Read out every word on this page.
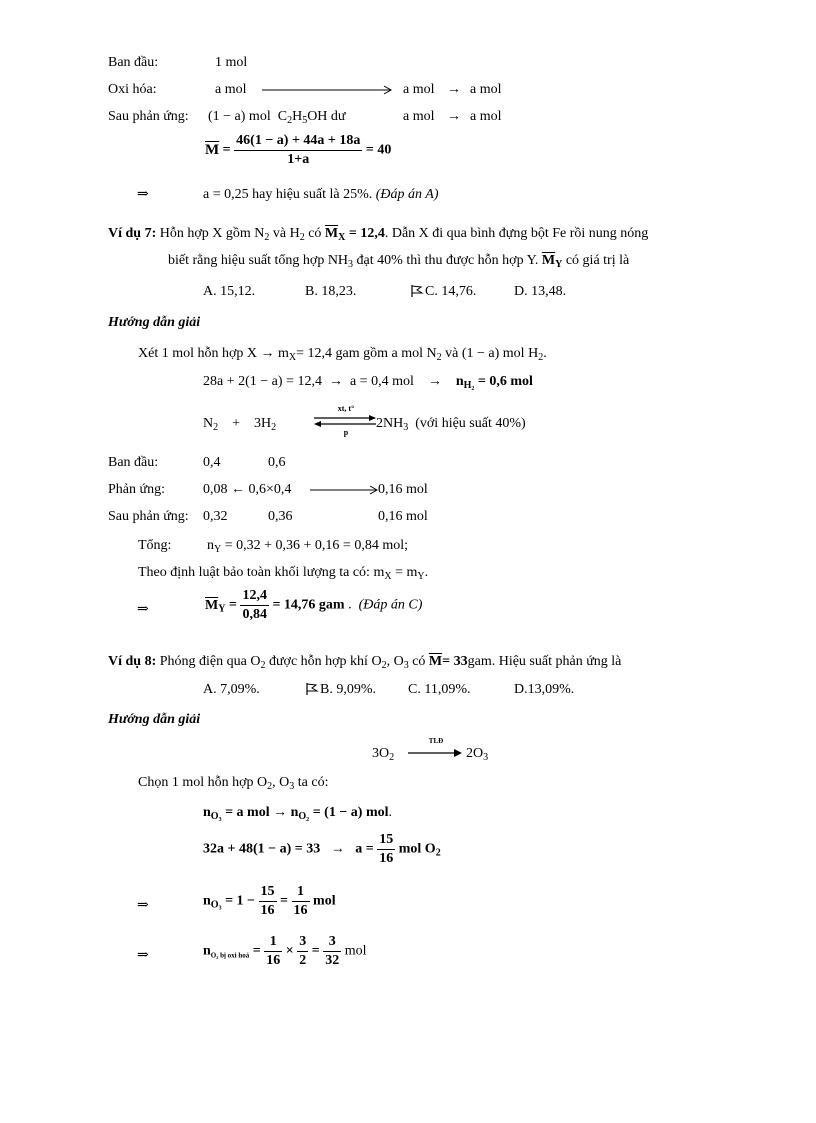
Ban đầu:	1 mol
Oxi hóa:	a mol	a mol → a mol
Sau phản ứng: (1 − a) mol $C_2H_5OH$ dư	a mol → a mol
$\overline{M} = \frac{46(1 - a) + 44a + 18a}{1+a} = 40$
⇒	a = 0,25 hay hiệu suất là 25%. (Đáp án A)
Ví dụ 7: Hỗn hợp X gồm $N_2$ và $H_2$ có $\overline{M}_X = 12,4$. Dẫn X đi qua bình đựng bột Fe rồi nung nóng
biết rằng hiệu suất tổng hợp $NH_3$ đạt 40% thì thu được hỗn hợp Y. $\overline{M}_Y$ có giá trị là
A. 15,12.	B. 18,23.	C. 14,76.	D. 13,48.
Hướng dẫn giải
Xét 1 mol hỗn hợp $X \to m_X= 12,4$ gam gồm a mol $N_2$ và (1 − a) mol $H_2$.
28a + 2(1 − a) = 12,4 → a = 0,4 mol → $n_{H_2} = 0,6$ mol
$N_2 + 3H_2$
xt, t°
p
$2NH_3$ (với hiệu suất 40%)
Ban đầu:	0,4	0,6
Phản ứng:	0,08 ← 0,6×0,4	0,16 mol
Sau phản ứng: 0,32	0,36	0,16 mol
Tổng:	$n_Y = 0,32 + 0,36 + 0,16 = 0,84$ mol;
Theo định luật bảo toàn khối lượng ta có: $m_X = m_Y$.
⇒	$\overline{M}_Y = \frac{12,4}{0,84} = 14,76$ gam .  (Đáp án C)
Ví dụ 8: Phóng điện qua $O_2$ được hỗn hợp khí $O_2$, $O_3$ có $\overline{M}= 33gam$. Hiệu suất phản ứng là
A. 7,09%.	B. 9,09%. C. 11,09%.	D.13,09%.
Hướng dẫn giải
$3O_2$
TLĐ
$2O_3$
Chọn 1 mol hỗn hợp $O_2$, $O_3$ ta có:
$n_{O_3} = a$ mol → $n_{O_2} = (1 - a)$ mol.
$32a + 48(1 - a) = 33 \to a = \frac{15}{16}$ mol $O_2$
⇒	$n_{O_3} = 1 - \frac{15}{16} = \frac{1}{16}$ mol
⇒	$n_{O_2 bị oxi hoá} = \frac{1}{16} \times \frac{3}{2} = \frac{3}{32}$ mol
